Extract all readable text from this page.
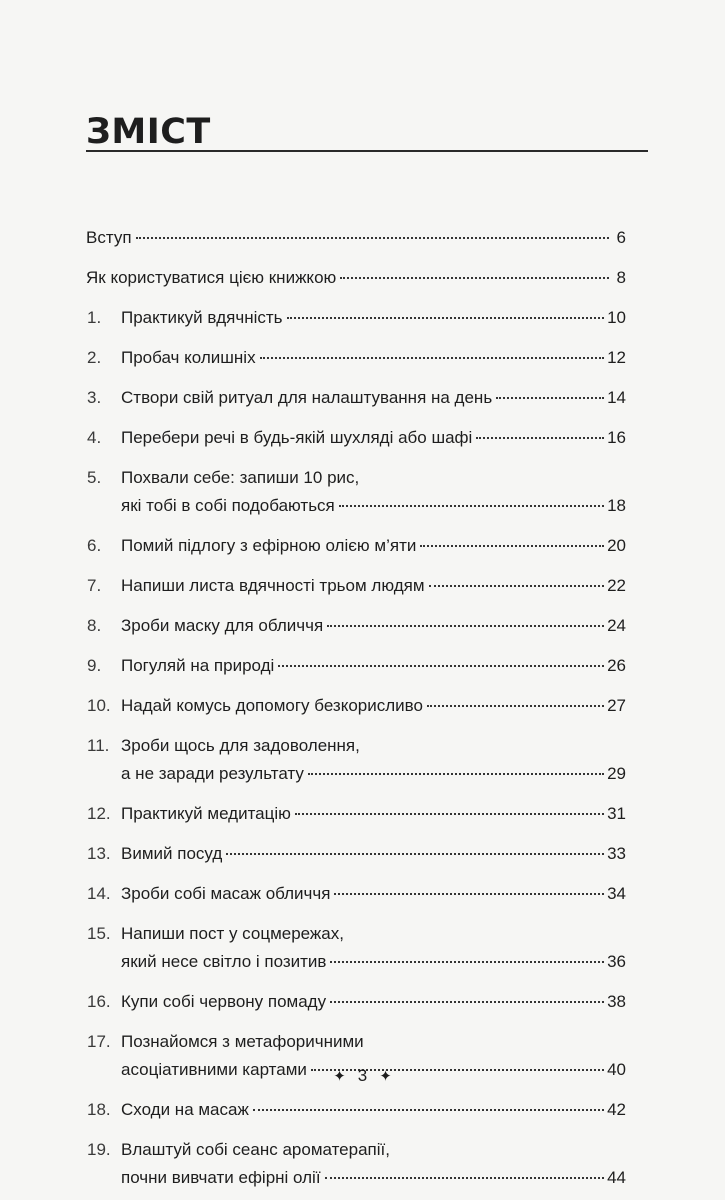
ЗМІСТ
Вступ	6
Як користуватися цією книжкою	8
1.	Практикуй вдячність	10
2.	Пробач колишніх	12
3.	Створи свій ритуал для налаштування на день	14
4.	Перебери речі в будь-якій шухляді або шафі	16
5.	Похвали себе: запиши 10 рис,
які тобі в собі подобаються	18
6.	Помий підлогу з ефірною олією м’яти	20
7.	Напиши листа вдячності трьом людям	22
8.	Зроби маску для обличчя	24
9.	Погуляй на природі	26
10. Надай комусь допомогу безкорисливо	27
11. Зроби щось для задоволення,
а не заради результату	29
12. Практикуй медитацію	31
13. Вимий посуд	33
14. Зроби собі масаж обличчя	34
15. Напиши пост у соцмережах,
який несе світло і позитив	36
16. Купи собі червону помаду	38
17. Познайомся з метафоричними
асоціативними картами	40
18. Сходи на масаж	42
19. Влаштуй собі сеанс ароматерапії,
почни вивчати ефірні олії	44
✦ 3 ✦
